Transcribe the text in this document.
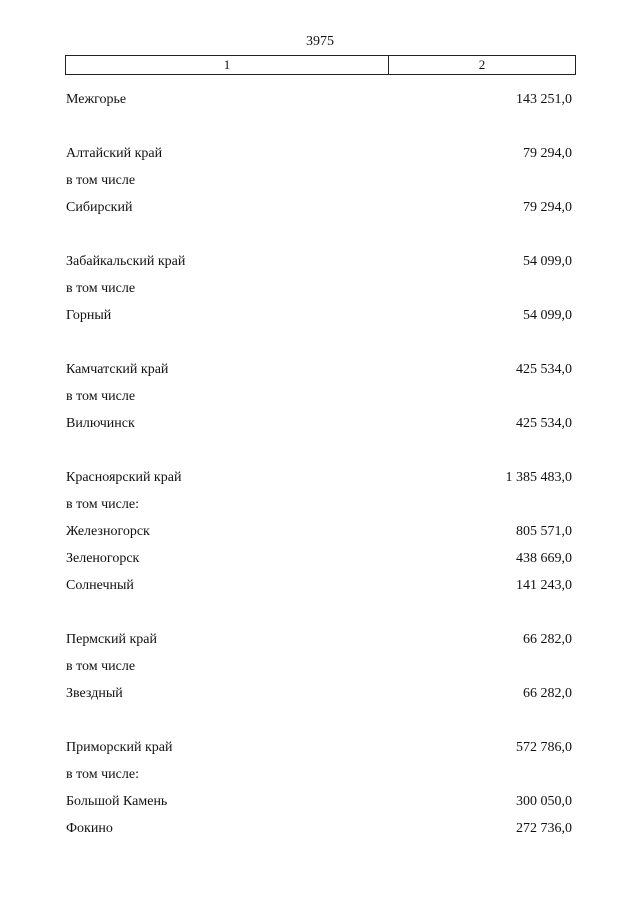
3975
1	2
Межгорье	143 251,0
Алтайский край	79 294,0
в том числе
Сибирский	79 294,0
Забайкальский край	54 099,0
в том числе
Горный	54 099,0
Камчатский край	425 534,0
в том числе
Вилючинск	425 534,0
Красноярский край	1 385 483,0
в том числе:
Железногорск	805 571,0
Зеленогорск	438 669,0
Солнечный	141 243,0
Пермский край	66 282,0
в том числе
Звездный	66 282,0
Приморский край	572 786,0
в том числе:
Большой Камень	300 050,0
Фокино	272 736,0
